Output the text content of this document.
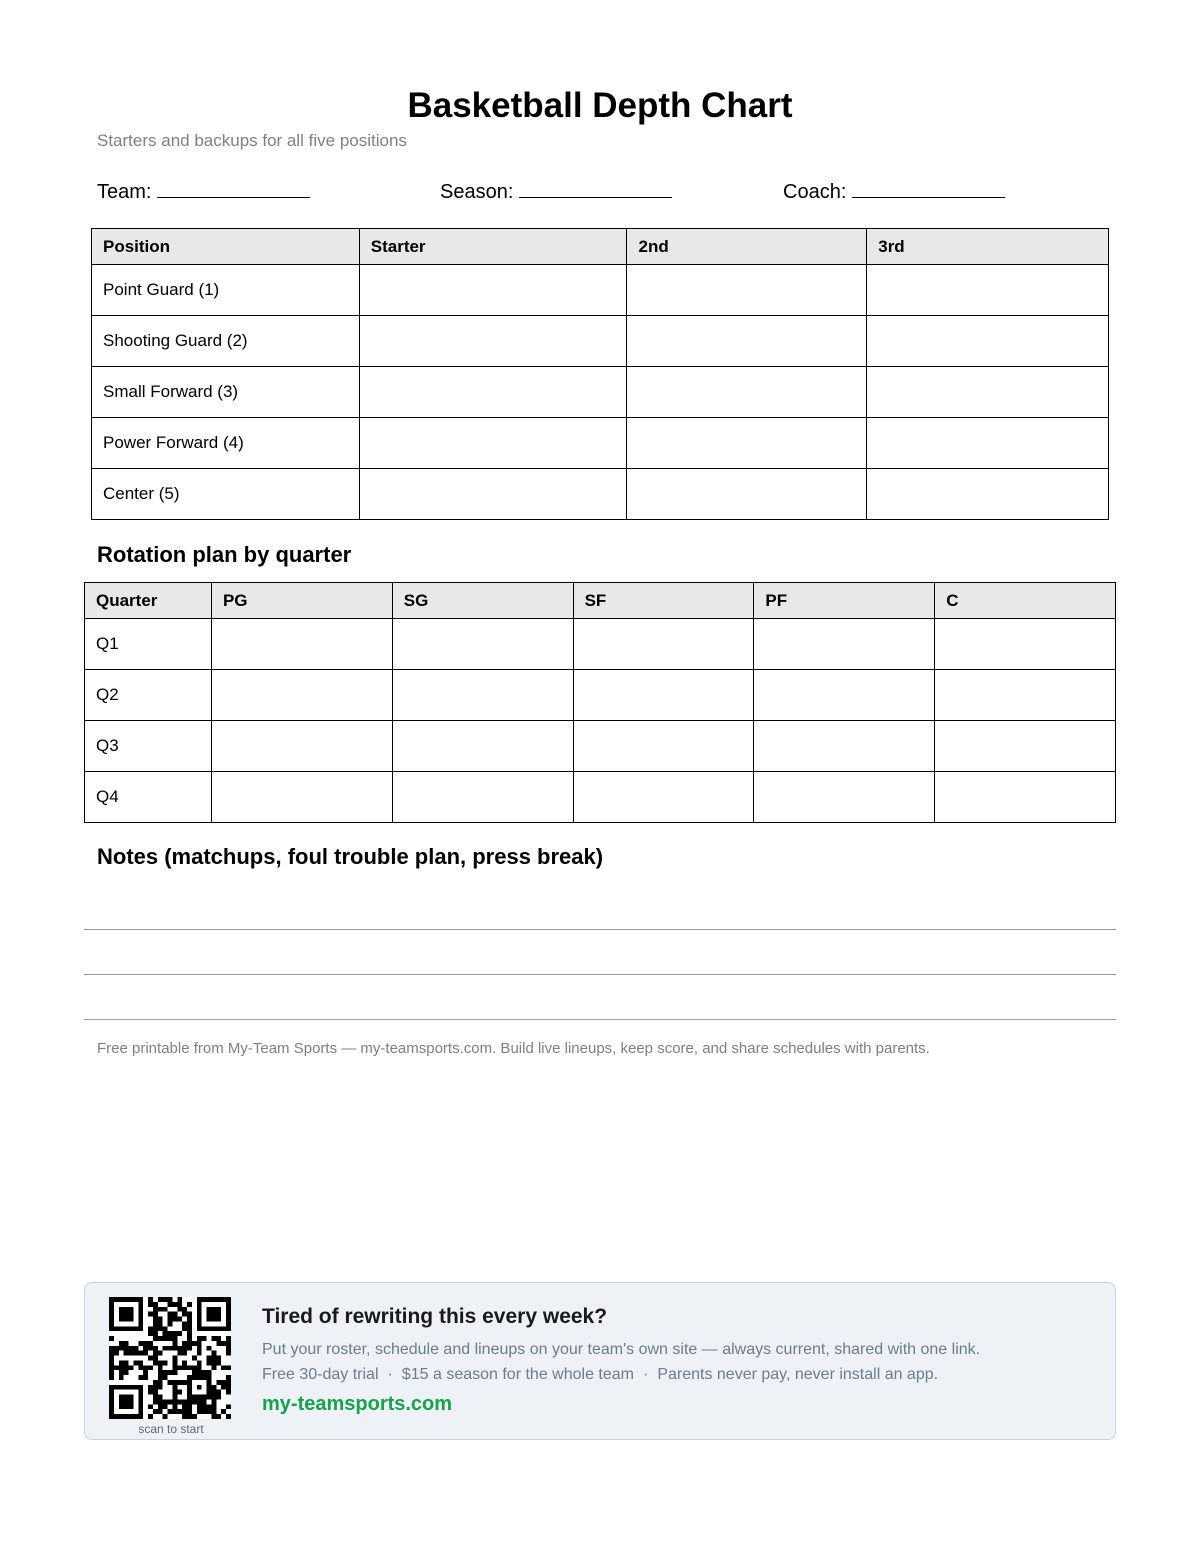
Basketball Depth Chart
Starters and backups for all five positions
Team:	Season:	Coach:
Position	Starter	2nd	3rd
Point Guard (1)			
Shooting Guard (2)			
Small Forward (3)			
Power Forward (4)			
Center (5)			
Rotation plan by quarter
Quarter	PG	SG	SF	PF	C
Q1					
Q2					
Q3					
Q4					
Notes (matchups, foul trouble plan, press break)
Free printable from My-Team Sports — my-teamsports.com. Build live lineups, keep score, and share schedules with parents.
scan to start
Tired of rewriting this every week?
Put your roster, schedule and lineups on your team's own site — always current, shared with one link.
Free 30-day trial · $15 a season for the whole team · Parents never pay, never install an app.
my-teamsports.com
